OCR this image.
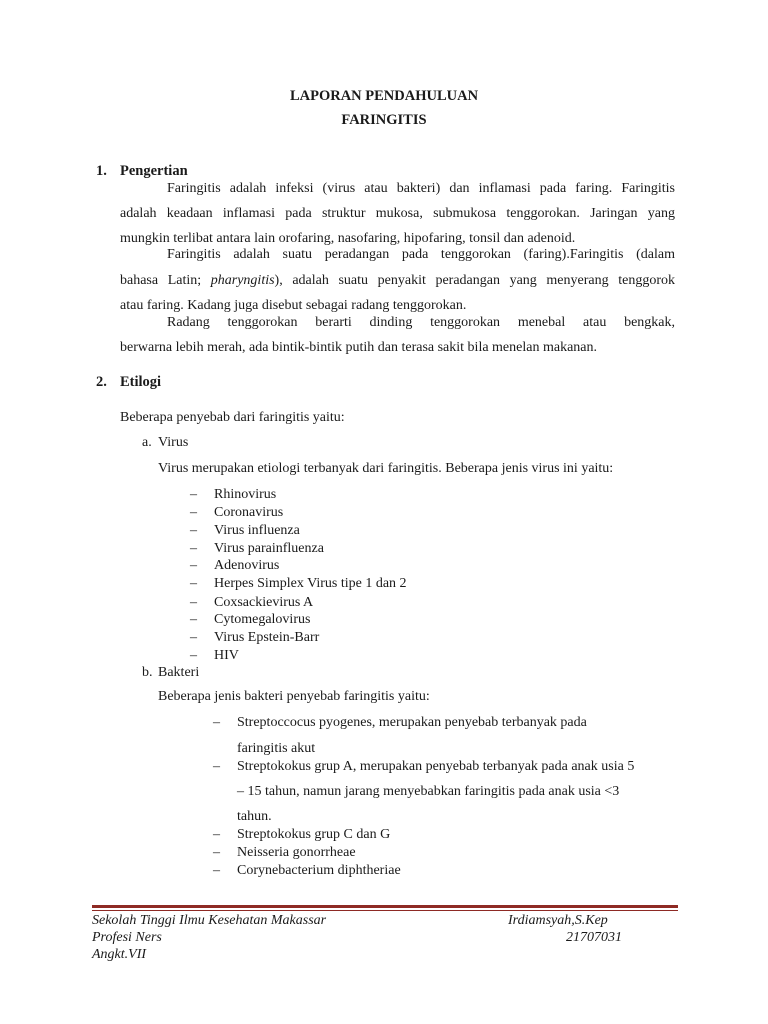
LAPORAN PENDAHULUAN
FARINGITIS
1. Pengertian
Faringitis adalah infeksi (virus atau bakteri) dan inflamasi pada faring. Faringitis
adalah keadaan inflamasi pada struktur mukosa, submukosa tenggorokan. Jaringan yang
mungkin terlibat antara lain orofaring, nasofaring, hipofaring, tonsil dan adenoid.
Faringitis adalah suatu peradangan pada tenggorokan (faring).Faringitis (dalam
bahasa Latin; pharyngitis), adalah suatu penyakit peradangan yang menyerang tenggorok
atau faring. Kadang juga disebut sebagai radang tenggorokan.
Radang tenggorokan berarti dinding tenggorokan menebal atau bengkak,
berwarna lebih merah, ada bintik-bintik putih dan terasa sakit bila menelan makanan.
2. Etilogi
Beberapa penyebab dari faringitis yaitu:
a. Virus
Virus merupakan etiologi terbanyak dari faringitis. Beberapa jenis virus ini yaitu:
– Rhinovirus
– Coronavirus
– Virus influenza
– Virus parainfluenza
– Adenovirus
– Herpes Simplex Virus tipe 1 dan 2
– Coxsackievirus A
– Cytomegalovirus
– Virus Epstein-Barr
– HIV
b. Bakteri
Beberapa jenis bakteri penyebab faringitis yaitu:
– Streptoccocus pyogenes, merupakan penyebab terbanyak pada
faringitis akut
– Streptokokus grup A, merupakan penyebab terbanyak pada anak usia 5
– 15 tahun, namun jarang menyebabkan faringitis pada anak usia <3
tahun.
– Streptokokus grup C dan G
– Neisseria gonorrheae
– Corynebacterium diphtheriae
Sekolah Tinggi Ilmu Kesehatan Makassar
Profesi Ners
Angkt.VII
Irdiamsyah,S.Kep
21707031
